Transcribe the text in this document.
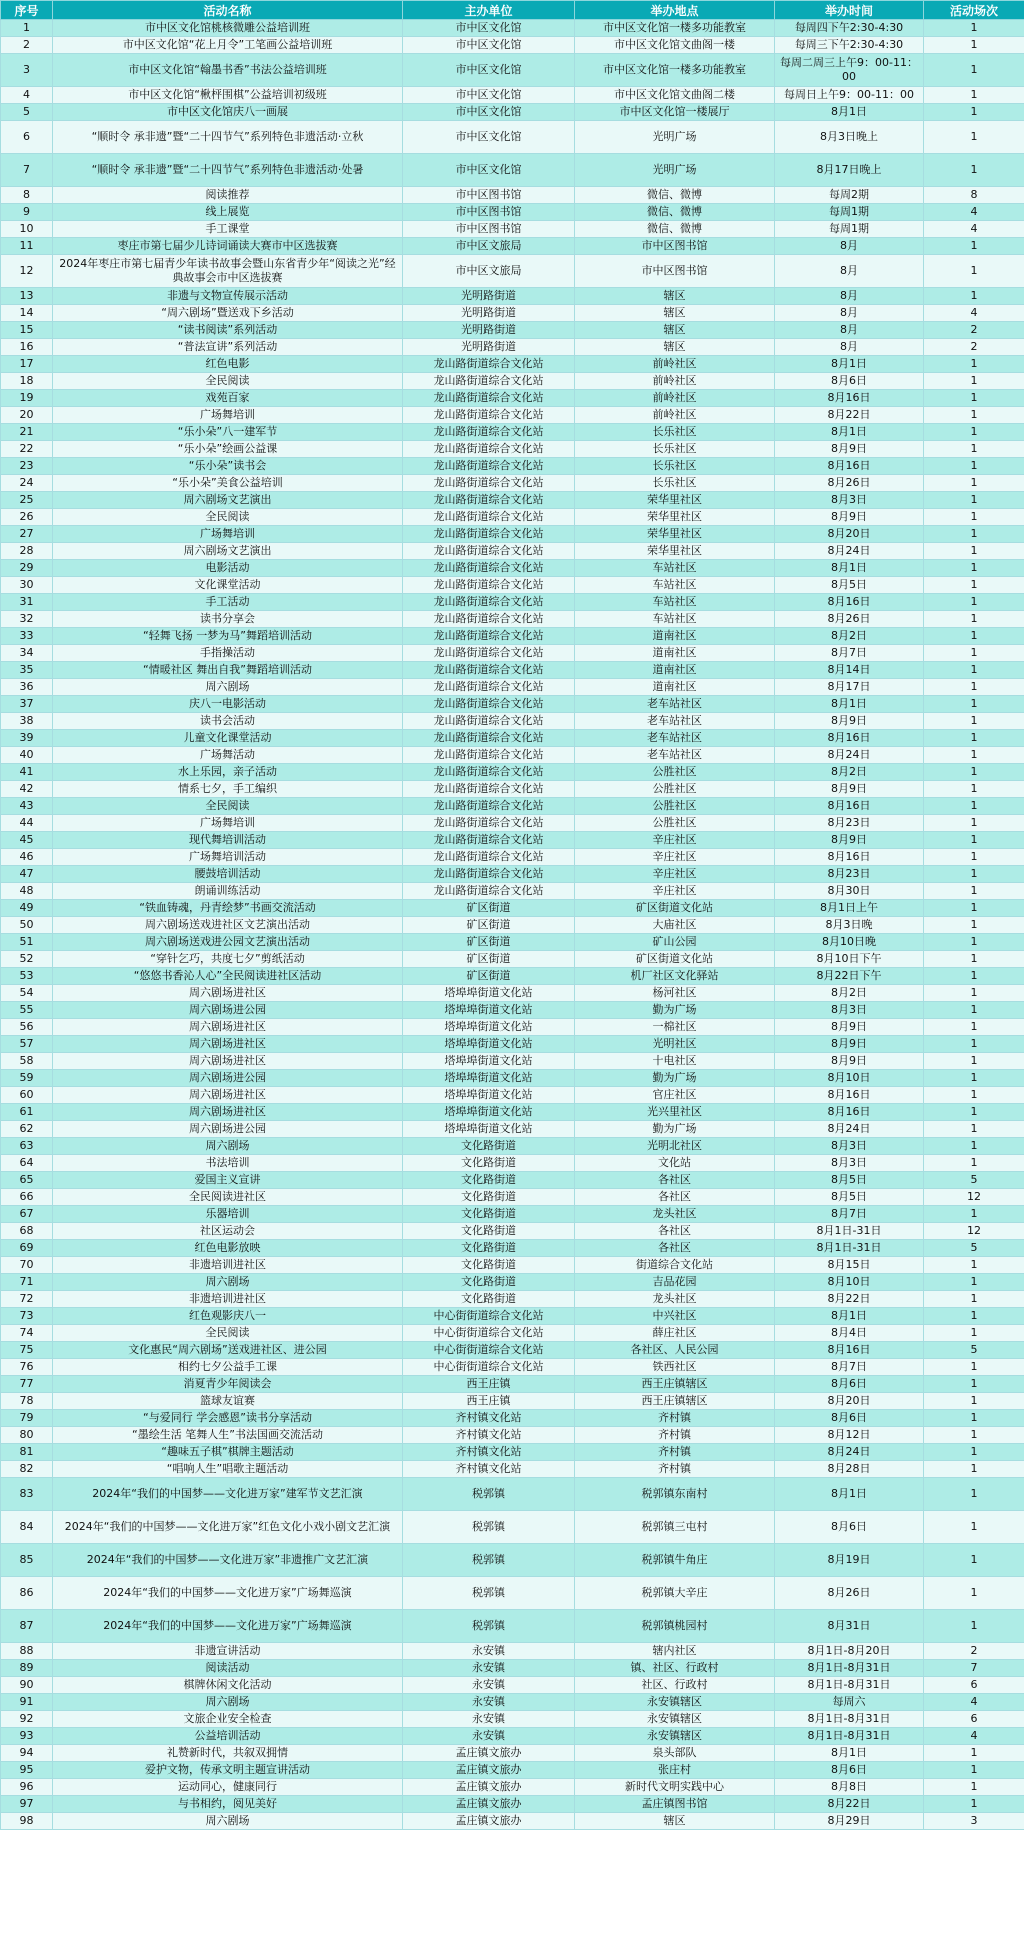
序号	活动名称	主办单位	举办地点	举办时间	活动场次
1	市中区文化馆桃核微雕公益培训班	市中区文化馆	市中区文化馆一楼多功能教室	每周四下午2:30-4:30	1
2	市中区文化馆“花上月令”工笔画公益培训班	市中区文化馆	市中区文化馆文曲阁一楼	每周三下午2:30-4:30	1
3	市中区文化馆“翰墨书香”书法公益培训班	市中区文化馆	市中区文化馆一楼多功能教室	每周二周三上午9：00-11：00	1
4	市中区文化馆“楸枰围棋”公益培训初级班	市中区文化馆	市中区文化馆文曲阁二楼	每周日上午9：00-11：00	1
5	市中区文化馆庆八一画展	市中区文化馆	市中区文化馆一楼展厅	8月1日	1
6	“顺时令 承非遗”暨“二十四节气”系列特色非遗活动·立秋	市中区文化馆	光明广场	8月3日晚上	1
7	“顺时令 承非遗”暨“二十四节气”系列特色非遗活动·处暑	市中区文化馆	光明广场	8月17日晚上	1
8	阅读推荐	市中区图书馆	微信、微博	每周2期	8
9	线上展览	市中区图书馆	微信、微博	每周1期	4
10	手工课堂	市中区图书馆	微信、微博	每周1期	4
11	枣庄市第七届少儿诗词诵读大赛市中区选拔赛	市中区文旅局	市中区图书馆	8月	1
12	2024年枣庄市第七届青少年读书故事会暨山东省青少年“阅读之光”经典故事会市中区选拔赛	市中区文旅局	市中区图书馆	8月	1
13	非遗与文物宣传展示活动	光明路街道	辖区	8月	1
14	“周六剧场”暨送戏下乡活动	光明路街道	辖区	8月	4
15	“读书阅读”系列活动	光明路街道	辖区	8月	2
16	“普法宣讲”系列活动	光明路街道	辖区	8月	2
17	红色电影	龙山路街道综合文化站	前岭社区	8月1日	1
18	全民阅读	龙山路街道综合文化站	前岭社区	8月6日	1
19	戏苑百家	龙山路街道综合文化站	前岭社区	8月16日	1
20	广场舞培训	龙山路街道综合文化站	前岭社区	8月22日	1
21	“乐小朵”八一建军节	龙山路街道综合文化站	长乐社区	8月1日	1
22	“乐小朵”绘画公益课	龙山路街道综合文化站	长乐社区	8月9日	1
23	“乐小朵”读书会	龙山路街道综合文化站	长乐社区	8月16日	1
24	“乐小朵”美食公益培训	龙山路街道综合文化站	长乐社区	8月26日	1
25	周六剧场文艺演出	龙山路街道综合文化站	荣华里社区	8月3日	1
26	全民阅读	龙山路街道综合文化站	荣华里社区	8月9日	1
27	广场舞培训	龙山路街道综合文化站	荣华里社区	8月20日	1
28	周六剧场文艺演出	龙山路街道综合文化站	荣华里社区	8月24日	1
29	电影活动	龙山路街道综合文化站	车站社区	8月1日	1
30	文化课堂活动	龙山路街道综合文化站	车站社区	8月5日	1
31	手工活动	龙山路街道综合文化站	车站社区	8月16日	1
32	读书分享会	龙山路街道综合文化站	车站社区	8月26日	1
33	“轻舞飞扬 一梦为马”舞蹈培训活动	龙山路街道综合文化站	道南社区	8月2日	1
34	手指操活动	龙山路街道综合文化站	道南社区	8月7日	1
35	“情暖社区 舞出自我”舞蹈培训活动	龙山路街道综合文化站	道南社区	8月14日	1
36	周六剧场	龙山路街道综合文化站	道南社区	8月17日	1
37	庆八一电影活动	龙山路街道综合文化站	老车站社区	8月1日	1
38	读书会活动	龙山路街道综合文化站	老车站社区	8月9日	1
39	儿童文化课堂活动	龙山路街道综合文化站	老车站社区	8月16日	1
40	广场舞活动	龙山路街道综合文化站	老车站社区	8月24日	1
41	水上乐园，亲子活动	龙山路街道综合文化站	公胜社区	8月2日	1
42	情系七夕，手工编织	龙山路街道综合文化站	公胜社区	8月9日	1
43	全民阅读	龙山路街道综合文化站	公胜社区	8月16日	1
44	广场舞培训	龙山路街道综合文化站	公胜社区	8月23日	1
45	现代舞培训活动	龙山路街道综合文化站	辛庄社区	8月9日	1
46	广场舞培训活动	龙山路街道综合文化站	辛庄社区	8月16日	1
47	腰鼓培训活动	龙山路街道综合文化站	辛庄社区	8月23日	1
48	朗诵训练活动	龙山路街道综合文化站	辛庄社区	8月30日	1
49	“铁血铸魂，丹青绘梦”书画交流活动	矿区街道	矿区街道文化站	8月1日上午	1
50	周六剧场送戏进社区文艺演出活动	矿区街道	大庙社区	8月3日晚	1
51	周六剧场送戏进公园文艺演出活动	矿区街道	矿山公园	8月10日晚	1
52	“穿针乞巧，共度七夕”剪纸活动	矿区街道	矿区街道文化站	8月10日下午	1
53	“悠悠书香沁人心”全民阅读进社区活动	矿区街道	机厂社区文化驿站	8月22日下午	1
54	周六剧场进社区	塔埠埠街道文化站	杨河社区	8月2日	1
55	周六剧场进公园	塔埠埠街道文化站	勤为广场	8月3日	1
56	周六剧场进社区	塔埠埠街道文化站	一棉社区	8月9日	1
57	周六剧场进社区	塔埠埠街道文化站	光明社区	8月9日	1
58	周六剧场进社区	塔埠埠街道文化站	十电社区	8月9日	1
59	周六剧场进公园	塔埠埠街道文化站	勤为广场	8月10日	1
60	周六剧场进社区	塔埠埠街道文化站	官庄社区	8月16日	1
61	周六剧场进社区	塔埠埠街道文化站	光兴里社区	8月16日	1
62	周六剧场进公园	塔埠埠街道文化站	勤为广场	8月24日	1
63	周六剧场	文化路街道	光明北社区	8月3日	1
64	书法培训	文化路街道	文化站	8月3日	1
65	爱国主义宣讲	文化路街道	各社区	8月5日	5
66	全民阅读进社区	文化路街道	各社区	8月5日	12
67	乐器培训	文化路街道	龙头社区	8月7日	1
68	社区运动会	文化路街道	各社区	8月1日-31日	12
69	红色电影放映	文化路街道	各社区	8月1日-31日	5
70	非遗培训进社区	文化路街道	街道综合文化站	8月15日	1
71	周六剧场	文化路街道	吉品花园	8月10日	1
72	非遗培训进社区	文化路街道	龙头社区	8月22日	1
73	红色观影庆八一	中心街街道综合文化站	中兴社区	8月1日	1
74	全民阅读	中心街街道综合文化站	薛庄社区	8月4日	1
75	文化惠民“周六剧场”送戏进社区、进公园	中心街街道综合文化站	各社区、人民公园	8月16日	5
76	相约七夕公益手工课	中心街街道综合文化站	铁西社区	8月7日	1
77	消夏青少年阅读会	西王庄镇	西王庄镇辖区	8月6日	1
78	篮球友谊赛	西王庄镇	西王庄镇辖区	8月20日	1
79	“与爱同行 学会感恩”读书分享活动	齐村镇文化站	齐村镇	8月6日	1
80	“墨绘生活 笔舞人生”书法国画交流活动	齐村镇文化站	齐村镇	8月12日	1
81	“趣味五子棋”棋牌主题活动	齐村镇文化站	齐村镇	8月24日	1
82	“唱响人生”唱歌主题活动	齐村镇文化站	齐村镇	8月28日	1
83	2024年“我们的中国梦——文化进万家”建军节文艺汇演	税郭镇	税郭镇东南村	8月1日	1
84	2024年“我们的中国梦——文化进万家”红色文化小戏小剧文艺汇演	税郭镇	税郭镇三屯村	8月6日	1
85	2024年“我们的中国梦——文化进万家”非遗推广文艺汇演	税郭镇	税郭镇牛角庄	8月19日	1
86	2024年“我们的中国梦——文化进万家”广场舞巡演	税郭镇	税郭镇大辛庄	8月26日	1
87	2024年“我们的中国梦——文化进万家”广场舞巡演	税郭镇	税郭镇桃园村	8月31日	1
88	非遗宣讲活动	永安镇	辖内社区	8月1日-8月20日	2
89	阅读活动	永安镇	镇、社区、行政村	8月1日-8月31日	7
90	棋牌休闲文化活动	永安镇	社区、行政村	8月1日-8月31日	6
91	周六剧场	永安镇	永安镇辖区	每周六	4
92	文旅企业安全检查	永安镇	永安镇辖区	8月1日-8月31日	6
93	公益培训活动	永安镇	永安镇辖区	8月1日-8月31日	4
94	礼赞新时代，共叙双拥情	孟庄镇文旅办	泉头部队	8月1日	1
95	爱护文物，传承文明主题宣讲活动	孟庄镇文旅办	张庄村	8月6日	1
96	运动同心，健康同行	孟庄镇文旅办	新时代文明实践中心	8月8日	1
97	与书相约，阅见美好	孟庄镇文旅办	孟庄镇图书馆	8月22日	1
98	周六剧场	孟庄镇文旅办	辖区	8月29日	3
